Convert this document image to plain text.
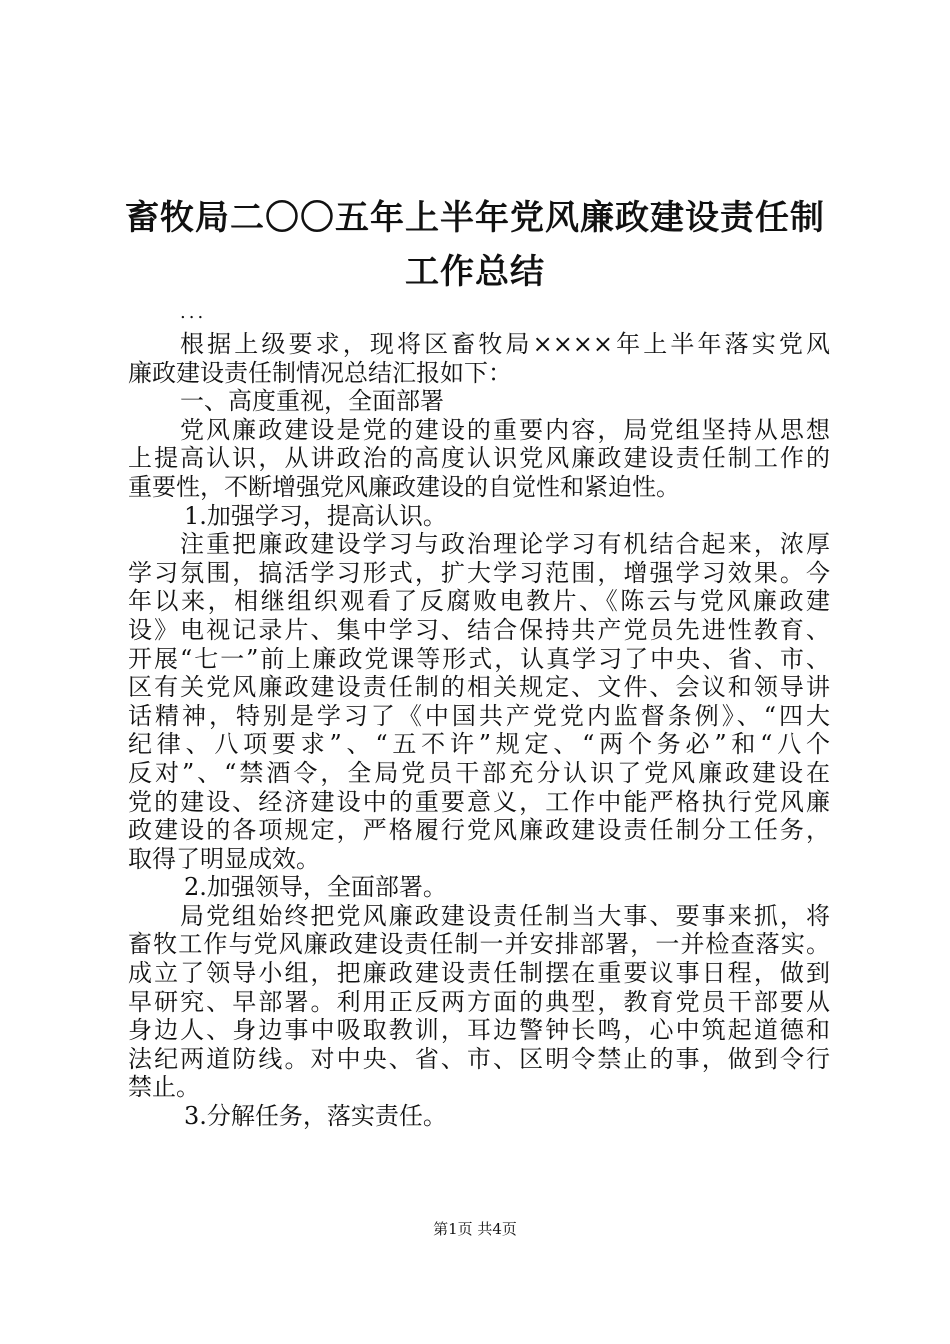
畜牧局二〇〇五年上半年党风廉政建设责任制
工作总结
...
根据上级要求，现将区畜牧局××××年上半年落实党风
廉政建设责任制情况总结汇报如下：
一、高度重视，全面部署
党风廉政建设是党的建设的重要内容，局党组坚持从思想
上提高认识，从讲政治的高度认识党风廉政建设责任制工作的
重要性，不断增强党风廉政建设的自觉性和紧迫性。
1.加强学习，提高认识。
注重把廉政建设学习与政治理论学习有机结合起来，浓厚
学习氛围，搞活学习形式，扩大学习范围，增强学习效果。今
年以来，相继组织观看了反腐败电教片、《陈云与党风廉政建
设》电视记录片、集中学习、结合保持共产党员先进性教育、
开展“七一”前上廉政党课等形式，认真学习了中央、省、市、
区有关党风廉政建设责任制的相关规定、文件、会议和领导讲
话精神，特别是学习了《中国共产党党内监督条例》、“四大
纪律、八项要求”、“五不许”规定、“两个务必”和“八个
反对”、“禁酒令，全局党员干部充分认识了党风廉政建设在
党的建设、经济建设中的重要意义，工作中能严格执行党风廉
政建设的各项规定，严格履行党风廉政建设责任制分工任务，
取得了明显成效。
2.加强领导，全面部署。
局党组始终把党风廉政建设责任制当大事、要事来抓，将
畜牧工作与党风廉政建设责任制一并安排部署，一并检查落实。
成立了领导小组，把廉政建设责任制摆在重要议事日程，做到
早研究、早部署。利用正反两方面的典型，教育党员干部要从
身边人、身边事中吸取教训，耳边警钟长鸣，心中筑起道德和
法纪两道防线。对中央、省、市、区明令禁止的事，做到令行
禁止。
3.分解任务，落实责任。
第1页 共4页
